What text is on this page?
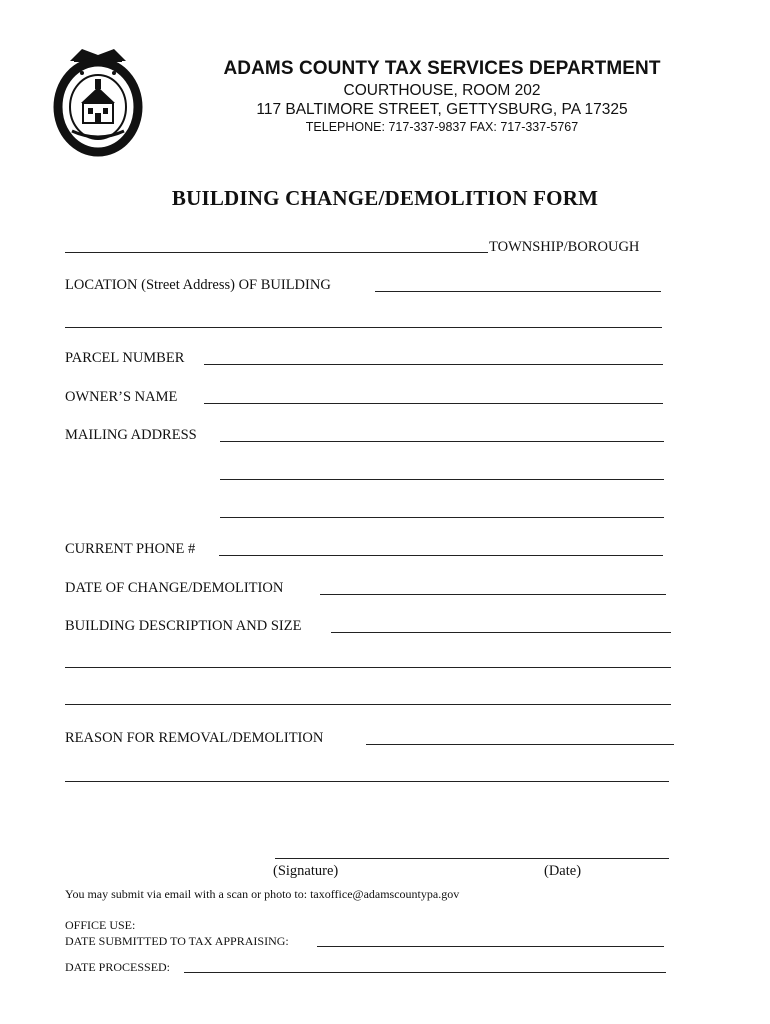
ADAMS COUNTY TAX SERVICES DEPARTMENT
COURTHOUSE, ROOM 202
117 BALTIMORE STREET, GETTYSBURG, PA 17325
TELEPHONE: 717-337-9837 FAX: 717-337-5767
BUILDING CHANGE/DEMOLITION FORM
TOWNSHIP/BOROUGH
LOCATION (Street Address) OF BUILDING
PARCEL NUMBER
OWNER’S NAME
MAILING ADDRESS
CURRENT PHONE #
DATE OF CHANGE/DEMOLITION
BUILDING DESCRIPTION AND SIZE
REASON FOR REMOVAL/DEMOLITION
(Signature)	(Date)
You may submit via email with a scan or photo to: taxoffice@adamscountypa.gov
OFFICE USE:
DATE SUBMITTED TO TAX APPRAISING:
DATE PROCESSED:
